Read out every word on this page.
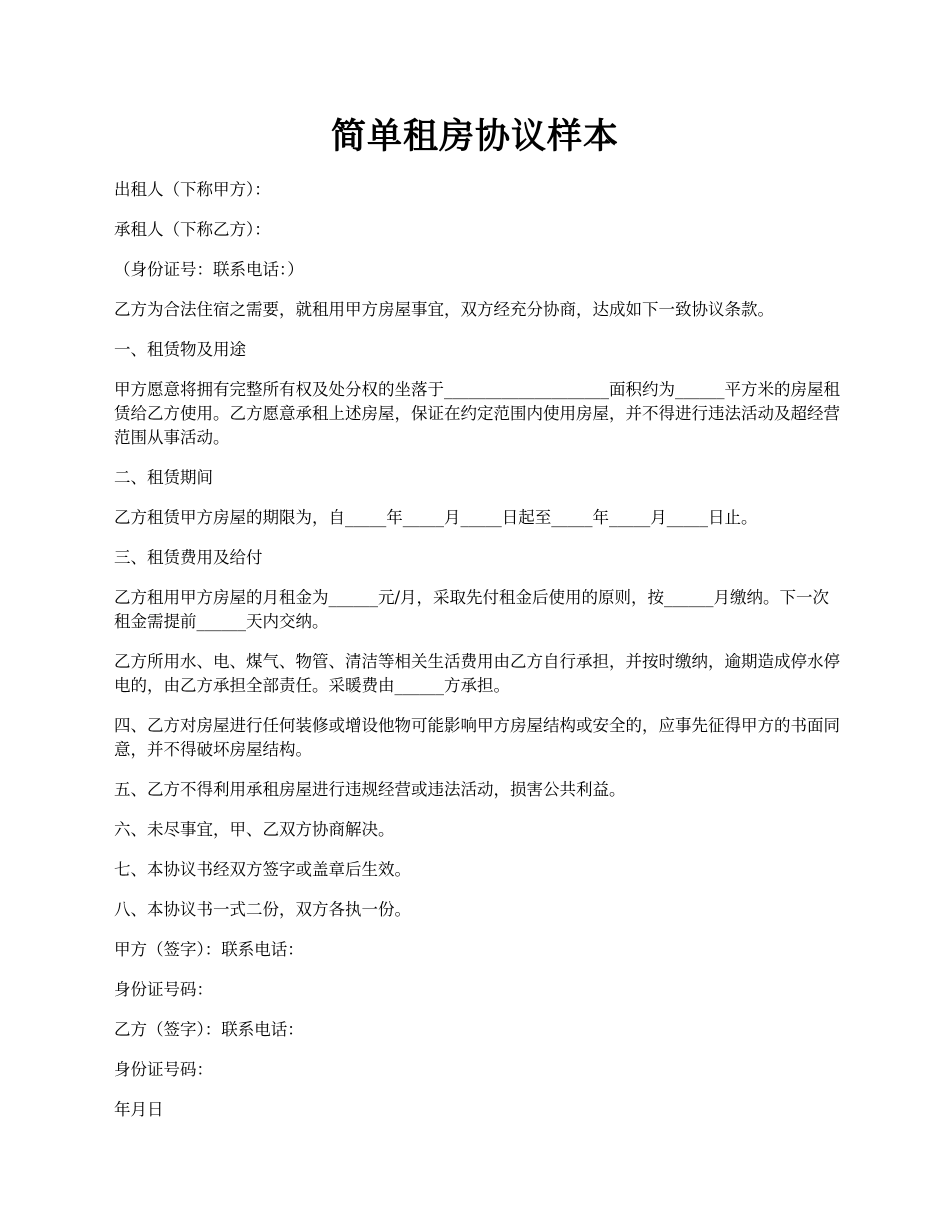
简单租房协议样本

出租人（下称甲方）：

承租人（下称乙方）：

（身份证号：联系电话：）

乙方为合法住宿之需要，就租用甲方房屋事宜，双方经充分协商，达成如下一致协议条款。

一、租赁物及用途

甲方愿意将拥有完整所有权及处分权的坐落于____________________面积约为______平方米的房屋租赁给乙方使用。乙方愿意承租上述房屋，保证在约定范围内使用房屋，并不得进行违法活动及超经营范围从事活动。

二、租赁期间

乙方租赁甲方房屋的期限为，自_____年_____月_____日起至_____年_____月_____日止。

三、租赁费用及给付

乙方租用甲方房屋的月租金为______元/月，采取先付租金后使用的原则，按______月缴纳。下一次租金需提前______天内交纳。

乙方所用水、电、煤气、物管、清洁等相关生活费用由乙方自行承担，并按时缴纳，逾期造成停水停电的，由乙方承担全部责任。采暖费由______方承担。

四、乙方对房屋进行任何装修或增设他物可能影响甲方房屋结构或安全的，应事先征得甲方的书面同意，并不得破坏房屋结构。

五、乙方不得利用承租房屋进行违规经营或违法活动，损害公共利益。

六、未尽事宜，甲、乙双方协商解决。

七、本协议书经双方签字或盖章后生效。

八、本协议书一式二份，双方各执一份。

甲方（签字）：联系电话：

身份证号码：

乙方（签字）：联系电话：

身份证号码：

年月日
